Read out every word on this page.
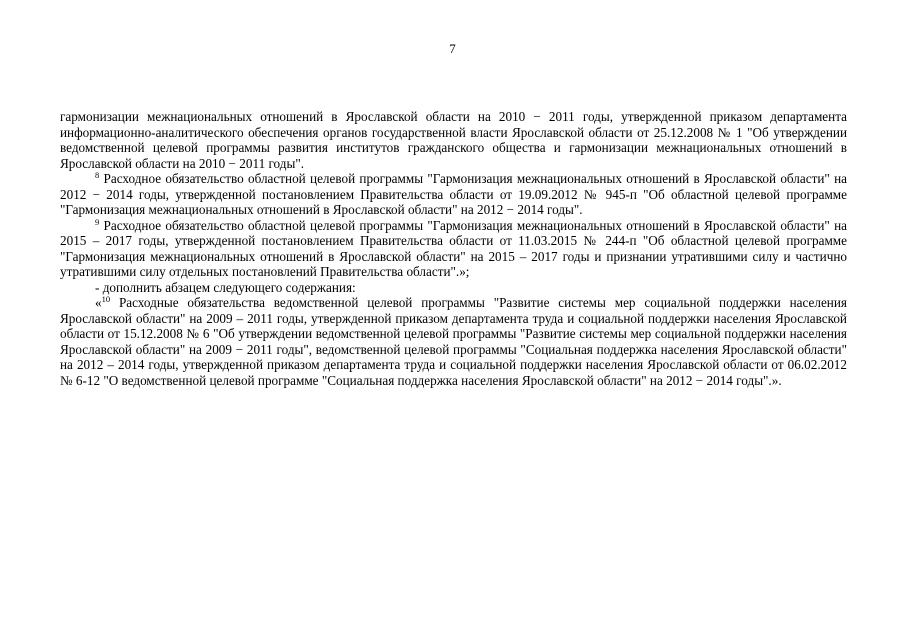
7

гармонизации межнациональных отношений в Ярославской области на 2010 − 2011 годы, утвержденной приказом департамента информационно-аналитического обеспечения органов государственной власти Ярославской области от 25.12.2008 № 1 "Об утверждении ведомственной целевой программы развития институтов гражданского общества и гармонизации межнациональных отношений в Ярославской области на 2010 − 2011 годы".

$^8$ Расходное обязательство областной целевой программы "Гармонизация межнациональных отношений в Ярославской области" на 2012 − 2014 годы, утвержденной постановлением Правительства области от 19.09.2012 № 945-п "Об областной целевой программе "Гармонизация межнациональных отношений в Ярославской области" на 2012 − 2014 годы".

$^9$ Расходное обязательство областной целевой программы "Гармонизация межнациональных отношений в Ярославской области" на 2015 – 2017 годы, утвержденной постановлением Правительства области от 11.03.2015 № 244-п "Об областной целевой программе "Гармонизация межнациональных отношений в Ярославской области" на 2015 – 2017 годы и признании утратившими силу и частично утратившими силу отдельных постановлений Правительства области".»;

- дополнить абзацем следующего содержания:

«$^{10}$ Расходные обязательства ведомственной целевой программы "Развитие системы мер социальной поддержки населения Ярославской области" на 2009 – 2011 годы, утвержденной приказом департамента труда и социальной поддержки населения Ярославской области от 15.12.2008 № 6 "Об утверждении ведомственной целевой программы "Развитие системы мер социальной поддержки населения Ярославской области" на 2009 − 2011 годы", ведомственной целевой программы "Социальная поддержка населения Ярославской области" на 2012 – 2014 годы, утвержденной приказом департамента труда и социальной поддержки населения Ярославской области от 06.02.2012 № 6-12 "О ведомственной целевой программе "Социальная поддержка населения Ярославской области" на 2012 − 2014 годы".».
